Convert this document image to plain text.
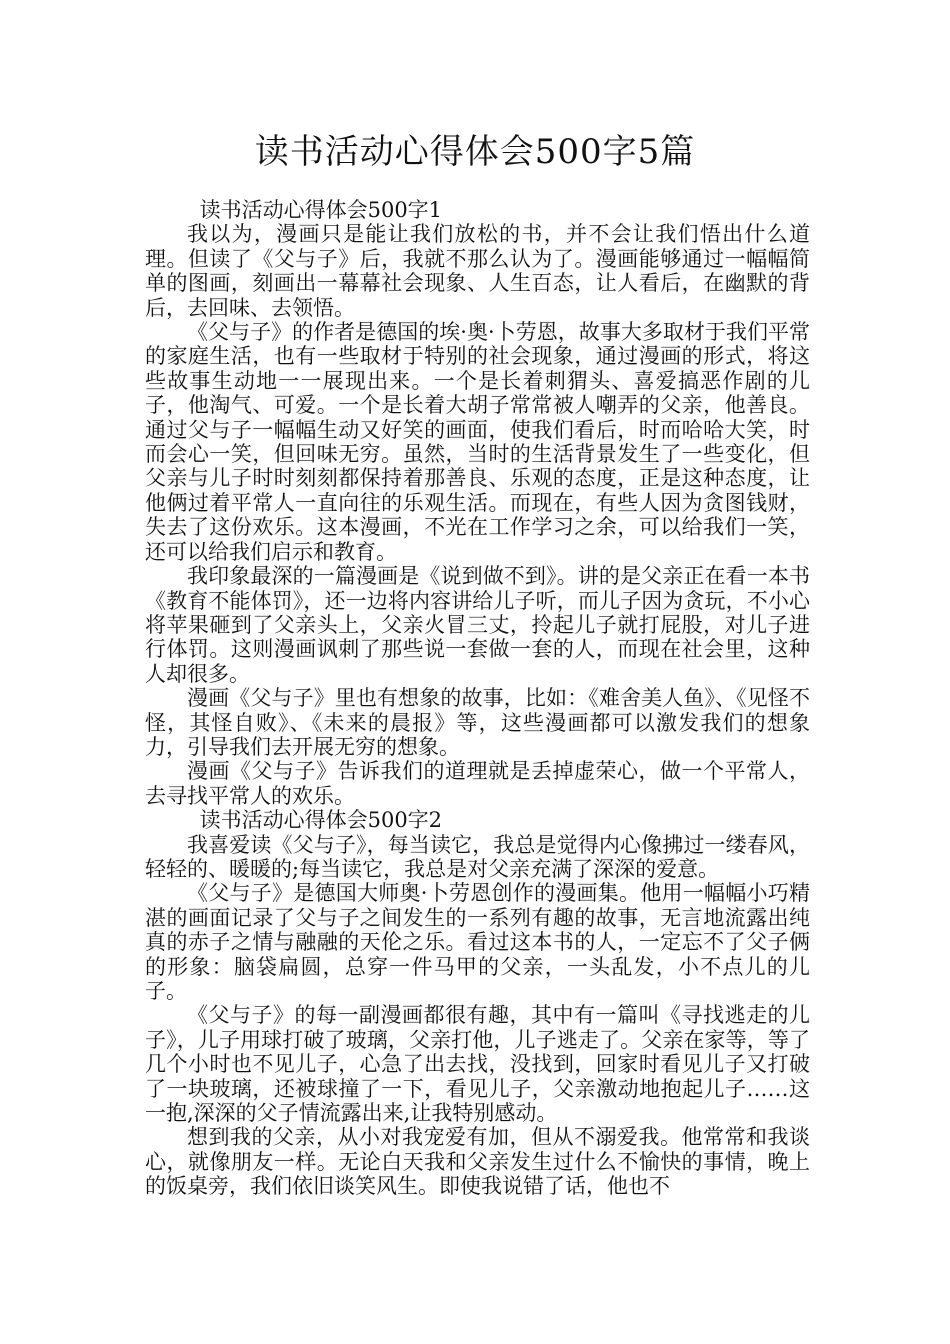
读书活动心得体会500字5篇

读书活动心得体会500字1

我以为，漫画只是能让我们放松的书，并不会让我们悟出什么道理。但读了《父与子》后，我就不那么认为了。漫画能够通过一幅幅简单的图画，刻画出一幕幕社会现象、人生百态，让人看后，在幽默的背后，去回味、去领悟。

《父与子》的作者是德国的埃·奥·卜劳恩，故事大多取材于我们平常的家庭生活，也有一些取材于特别的社会现象，通过漫画的形式，将这些故事生动地一一展现出来。一个是长着刺猬头、喜爱搞恶作剧的儿子，他淘气、可爱。一个是长着大胡子常常被人嘲弄的父亲，他善良。通过父与子一幅幅生动又好笑的画面，使我们看后，时而哈哈大笑，时而会心一笑，但回味无穷。虽然，当时的生活背景发生了一些变化，但父亲与儿子时时刻刻都保持着那善良、乐观的态度，正是这种态度，让他俩过着平常人一直向往的乐观生活。而现在，有些人因为贪图钱财，失去了这份欢乐。这本漫画，不光在工作学习之余，可以给我们一笑，还可以给我们启示和教育。

我印象最深的一篇漫画是《说到做不到》。讲的是父亲正在看一本书《教育不能体罚》，还一边将内容讲给儿子听，而儿子因为贪玩，不小心将苹果砸到了父亲头上，父亲火冒三丈，拎起儿子就打屁股，对儿子进行体罚。这则漫画讽刺了那些说一套做一套的人，而现在社会里，这种人却很多。

漫画《父与子》里也有想象的故事，比如：《难舍美人鱼》、《见怪不怪，其怪自败》、《未来的晨报》等，这些漫画都可以激发我们的想象力，引导我们去开展无穷的想象。

漫画《父与子》告诉我们的道理就是丢掉虚荣心，做一个平常人，去寻找平常人的欢乐。

读书活动心得体会500字2

我喜爱读《父与子》，每当读它，我总是觉得内心像拂过一缕春风，轻轻的、暖暖的;每当读它，我总是对父亲充满了深深的爱意。

《父与子》是德国大师奥·卜劳恩创作的漫画集。他用一幅幅小巧精湛的画面记录了父与子之间发生的一系列有趣的故事，无言地流露出纯真的赤子之情与融融的天伦之乐。看过这本书的人，一定忘不了父子俩的形象：脑袋扁圆，总穿一件马甲的父亲，一头乱发，小不点儿的儿子。

《父与子》的每一副漫画都很有趣，其中有一篇叫《寻找逃走的儿子》，儿子用球打破了玻璃，父亲打他，儿子逃走了。父亲在家等，等了几个小时也不见儿子，心急了出去找，没找到，回家时看见儿子又打破了一块玻璃，还被球撞了一下，看见儿子，父亲激动地抱起儿子……这一抱,深深的父子情流露出来,让我特别感动。

想到我的父亲，从小对我宠爱有加，但从不溺爱我。他常常和我谈心，就像朋友一样。无论白天我和父亲发生过什么不愉快的事情，晚上的饭桌旁，我们依旧谈笑风生。即使我说错了话，他也不
